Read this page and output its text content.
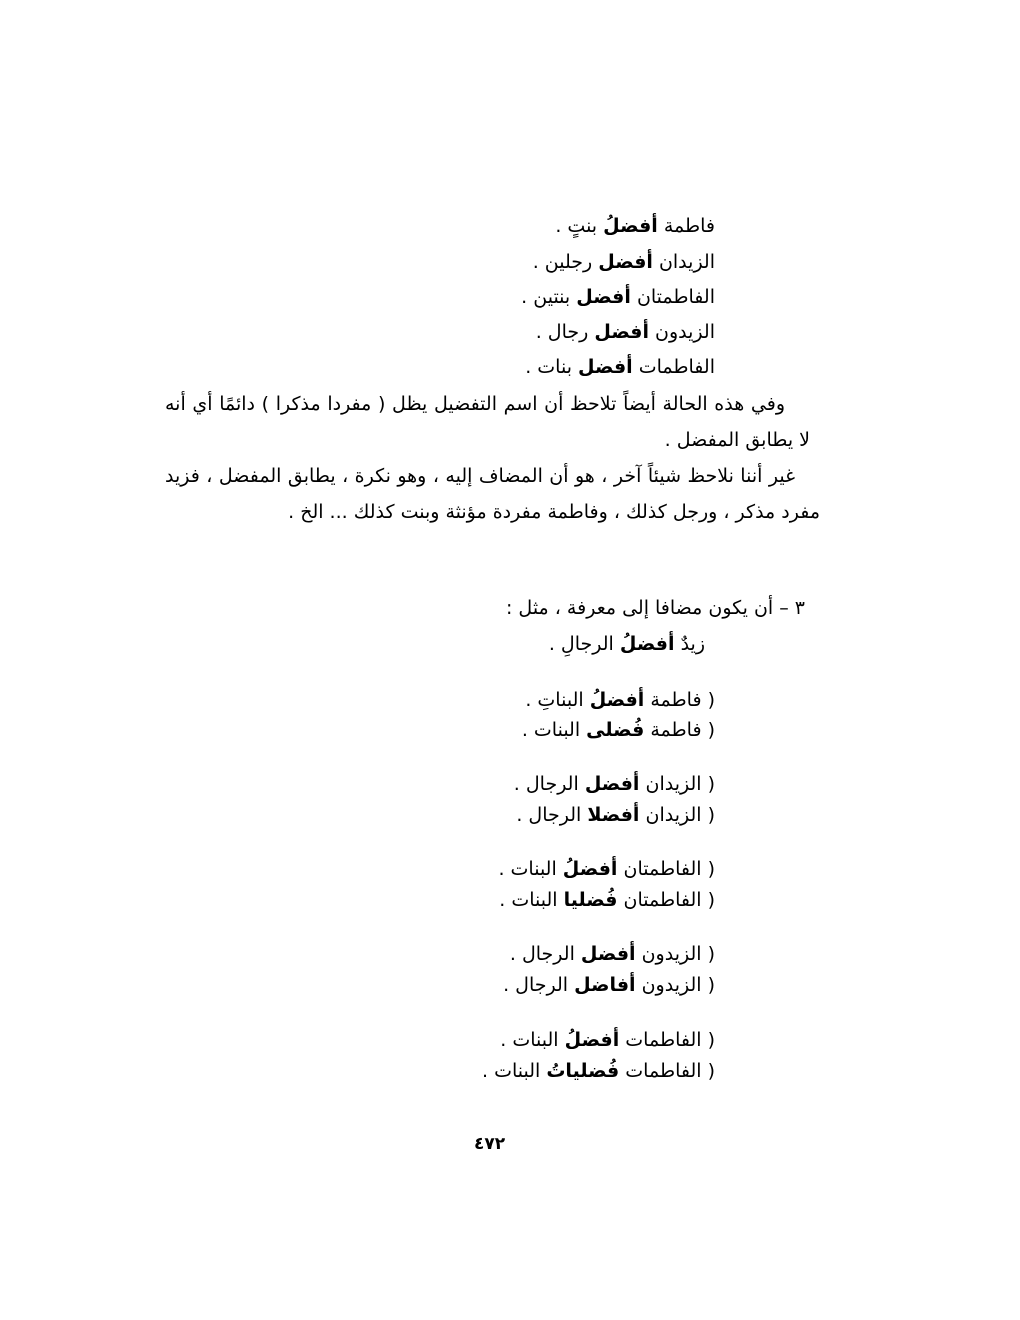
فاطمة أفضلُ بنتٍ .
الزيدان أفضل رجلين .
الفاطمتان أفضل بنتين .
الزيدون أفضل رجال .
الفاطمات أفضل بنات .
وفي هذه الحالة أيضاً تلاحظ أن اسم التفضيل يظل ( مفردا مذكرا ) دائمًا أي أنه لا يطابق المفضل .
غير أننا نلاحظ شيئاً آخر ، هو أن المضاف إليه ، وهو نكرة ، يطابق المفضل ، فزيد مفرد مذكر ، ورجل كذلك ، وفاطمة مفردة مؤنثة وبنت كذلك ... الخ .
٣ – أن يكون مضافا إلى معرفة ، مثل :
زيدٌ أفضلُ الرجالِ .
( فاطمة أفضلُ البناتِ .
( فاطمة فُضلى البنات .
( الزيدان أفضل الرجال .
( الزيدان أفضلا الرجال .
( الفاطمتان أفضلُ البنات .
( الفاطمتان فُضليا البنات .
( الزيدون أفضل الرجال .
( الزيدون أفاضل الرجال .
( الفاطمات أفضلُ البنات .
( الفاطمات فُضلياتُ البنات .
٤٧٢
